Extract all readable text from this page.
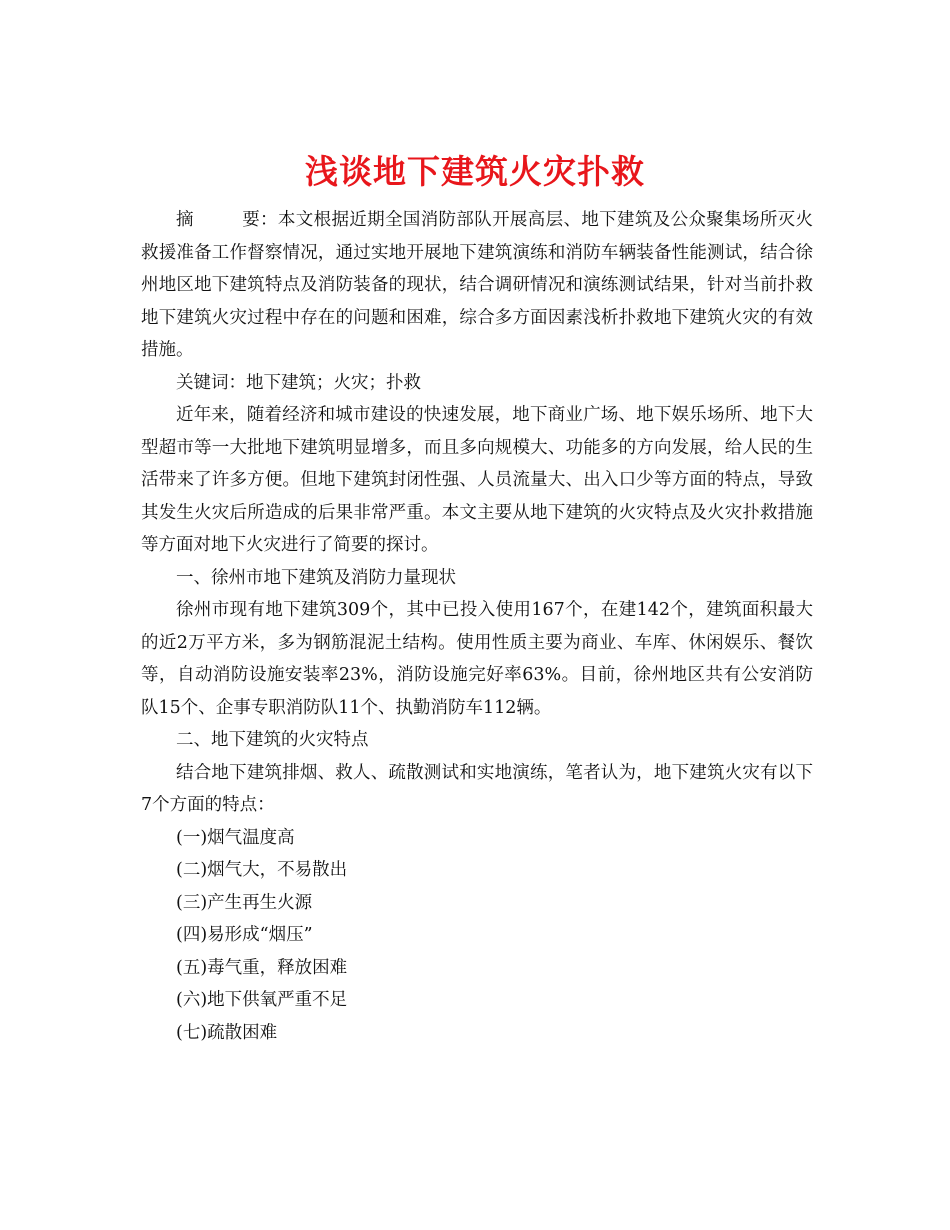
浅谈地下建筑火灾扑救

摘	要：本文根据近期全国消防部队开展高层、地下建筑及公众聚集场所灭火救援准备工作督察情况，通过实地开展地下建筑演练和消防车辆装备性能测试，结合徐州地区地下建筑特点及消防装备的现状，结合调研情况和演练测试结果，针对当前扑救地下建筑火灾过程中存在的问题和困难，综合多方面因素浅析扑救地下建筑火灾的有效措施。

关键词：地下建筑；火灾；扑救

近年来，随着经济和城市建设的快速发展，地下商业广场、地下娱乐场所、地下大型超市等一大批地下建筑明显增多，而且多向规模大、功能多的方向发展，给人民的生活带来了许多方便。但地下建筑封闭性强、人员流量大、出入口少等方面的特点，导致其发生火灾后所造成的后果非常严重。本文主要从地下建筑的火灾特点及火灾扑救措施等方面对地下火灾进行了简要的探讨。

一、徐州市地下建筑及消防力量现状

徐州市现有地下建筑309个，其中已投入使用167个，在建142个，建筑面积最大的近2万平方米，多为钢筋混泥土结构。使用性质主要为商业、车库、休闲娱乐、餐饮等，自动消防设施安装率23%，消防设施完好率63%。目前，徐州地区共有公安消防队15个、企事专职消防队11个、执勤消防车112辆。

二、地下建筑的火灾特点

结合地下建筑排烟、救人、疏散测试和实地演练，笔者认为，地下建筑火灾有以下7个方面的特点：

(一)烟气温度高

(二)烟气大，不易散出

(三)产生再生火源

(四)易形成“烟压”

(五)毒气重，释放困难

(六)地下供氧严重不足

(七)疏散困难
